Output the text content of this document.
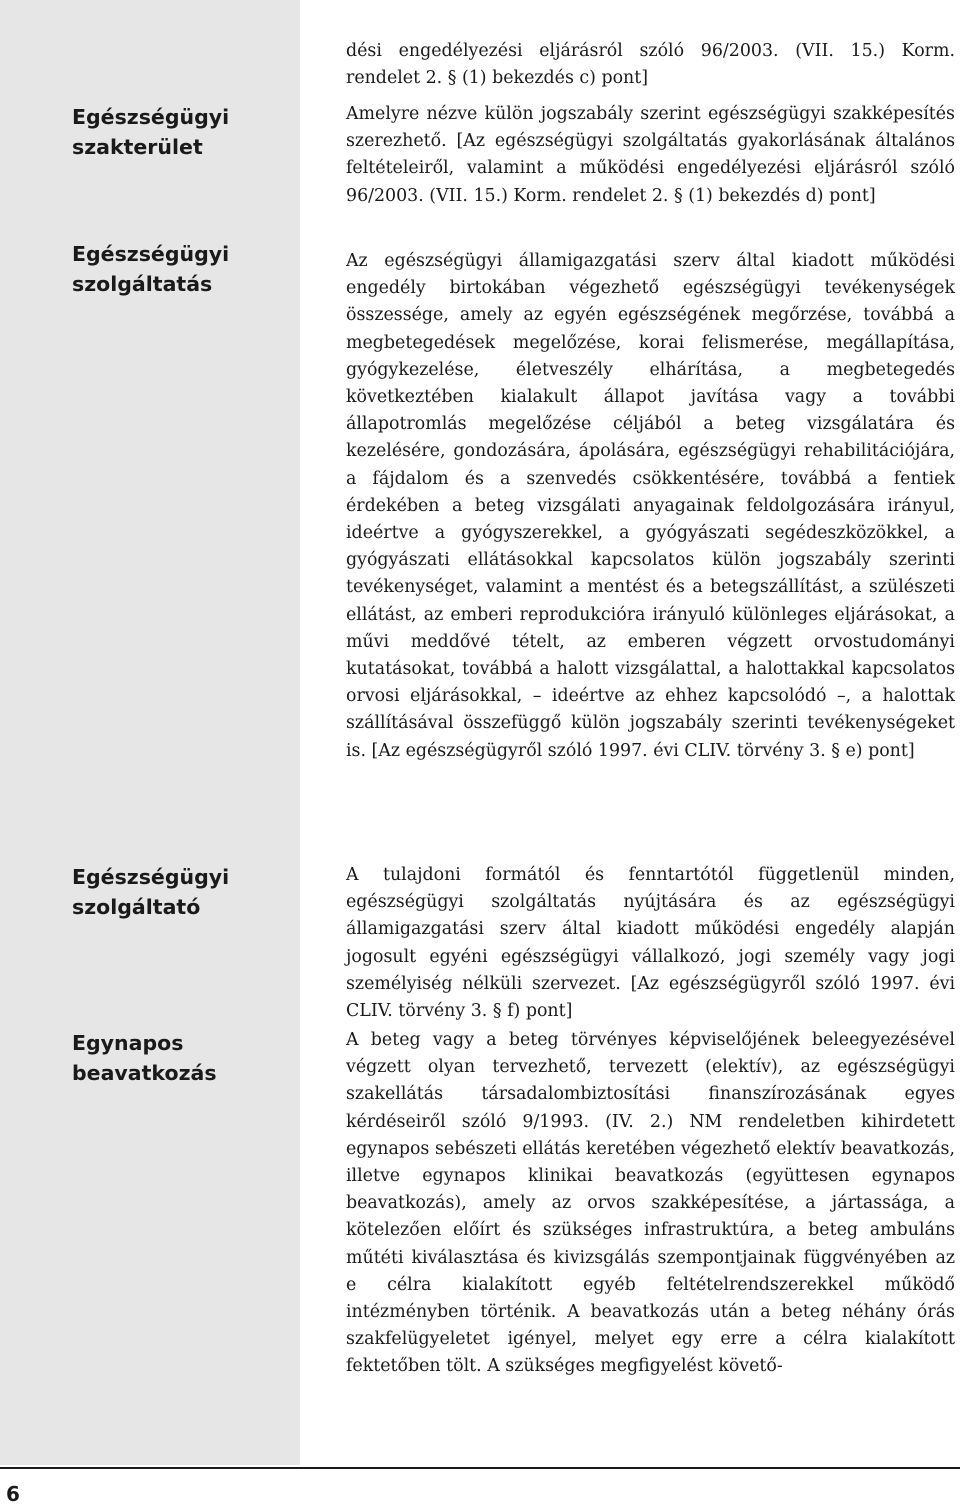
dési engedélyezési eljárásról szóló 96/2003. (VII. 15.) Korm. rendelet 2. § (1) bekezdés c) pont]
Egészségügyi
szakterület
Amelyre nézve külön jogszabály szerint egészségügyi szakképesítés szerezhető. [Az egészségügyi szolgáltatás gyakorlásának általános feltételeiről, valamint a működési engedélyezési eljárásról szóló 96/2003. (VII. 15.) Korm. rendelet 2. § (1) bekezdés d) pont]
Egészségügyi
szolgáltatás
Az egészségügyi államigazgatási szerv által kiadott működési engedély birtokában végezhető egészségügyi tevékenységek összessége, amely az egyén egészségének megőrzése, továbbá a megbetegedések megelőzése, korai felismerése, megállapítása, gyógykezelése, életveszély elhárítása, a megbetegedés következtében kialakult állapot javítása vagy a további állapotromlás megelőzése céljából a beteg vizsgálatára és kezelésére, gondozására, ápolására, egészségügyi rehabilitációjára, a fájdalom és a szenvedés csökkentésére, továbbá a fentiek érdekében a beteg vizsgálati anyagainak feldolgozására irányul, ideértve a gyógyszerekkel, a gyógyászati segédeszközökkel, a gyógyászati ellátásokkal kapcsolatos külön jogszabály szerinti tevékenységet, valamint a mentést és a betegszállítást, a szülészeti ellátást, az emberi reprodukcióra irányuló különleges eljárásokat, a művi meddővé tételt, az emberen végzett orvostudományi kutatásokat, továbbá a halott vizsgálattal, a halottakkal kapcsolatos orvosi eljárásokkal, – ideértve az ehhez kapcsolódó –, a halottak szállításával összefüggő külön jogszabály szerinti tevékenységeket is. [Az egészségügyről szóló 1997. évi CLIV. törvény 3. § e) pont]
Egészségügyi
szolgáltató
A tulajdoni formától és fenntartótól függetlenül minden, egészségügyi szolgáltatás nyújtására és az egészségügyi államigazgatási szerv által kiadott működési engedély alapján jogosult egyéni egészségügyi vállalkozó, jogi személy vagy jogi személyiség nélküli szervezet. [Az egészségügyről szóló 1997. évi CLIV. törvény 3. § f) pont]
Egynapos
beavatkozás
A beteg vagy a beteg törvényes képviselőjének beleegyezésével végzett olyan tervezhető, tervezett (elektív), az egészségügyi szakellátás társadalombiztosítási finanszírozásának egyes kérdéseiről szóló 9/1993. (IV. 2.) NM rendeletben kihirdetett egynapos sebészeti ellátás keretében végezhető elektív beavatkozás, illetve egynapos klinikai beavatkozás (együttesen egynapos beavatkozás), amely az orvos szakképesítése, a jártassága, a kötelezően előírt és szükséges infrastruktúra, a beteg ambuláns műtéti kiválasztása és kivizsgálás szempontjainak függvényében az e célra kialakított egyéb feltételrendszerekkel működő intézményben történik. A beavatkozás után a beteg néhány órás szakfelügyeletet igényel, melyet egy erre a célra kialakított fektetőben tölt. A szükséges megfigyelést követő-
6
